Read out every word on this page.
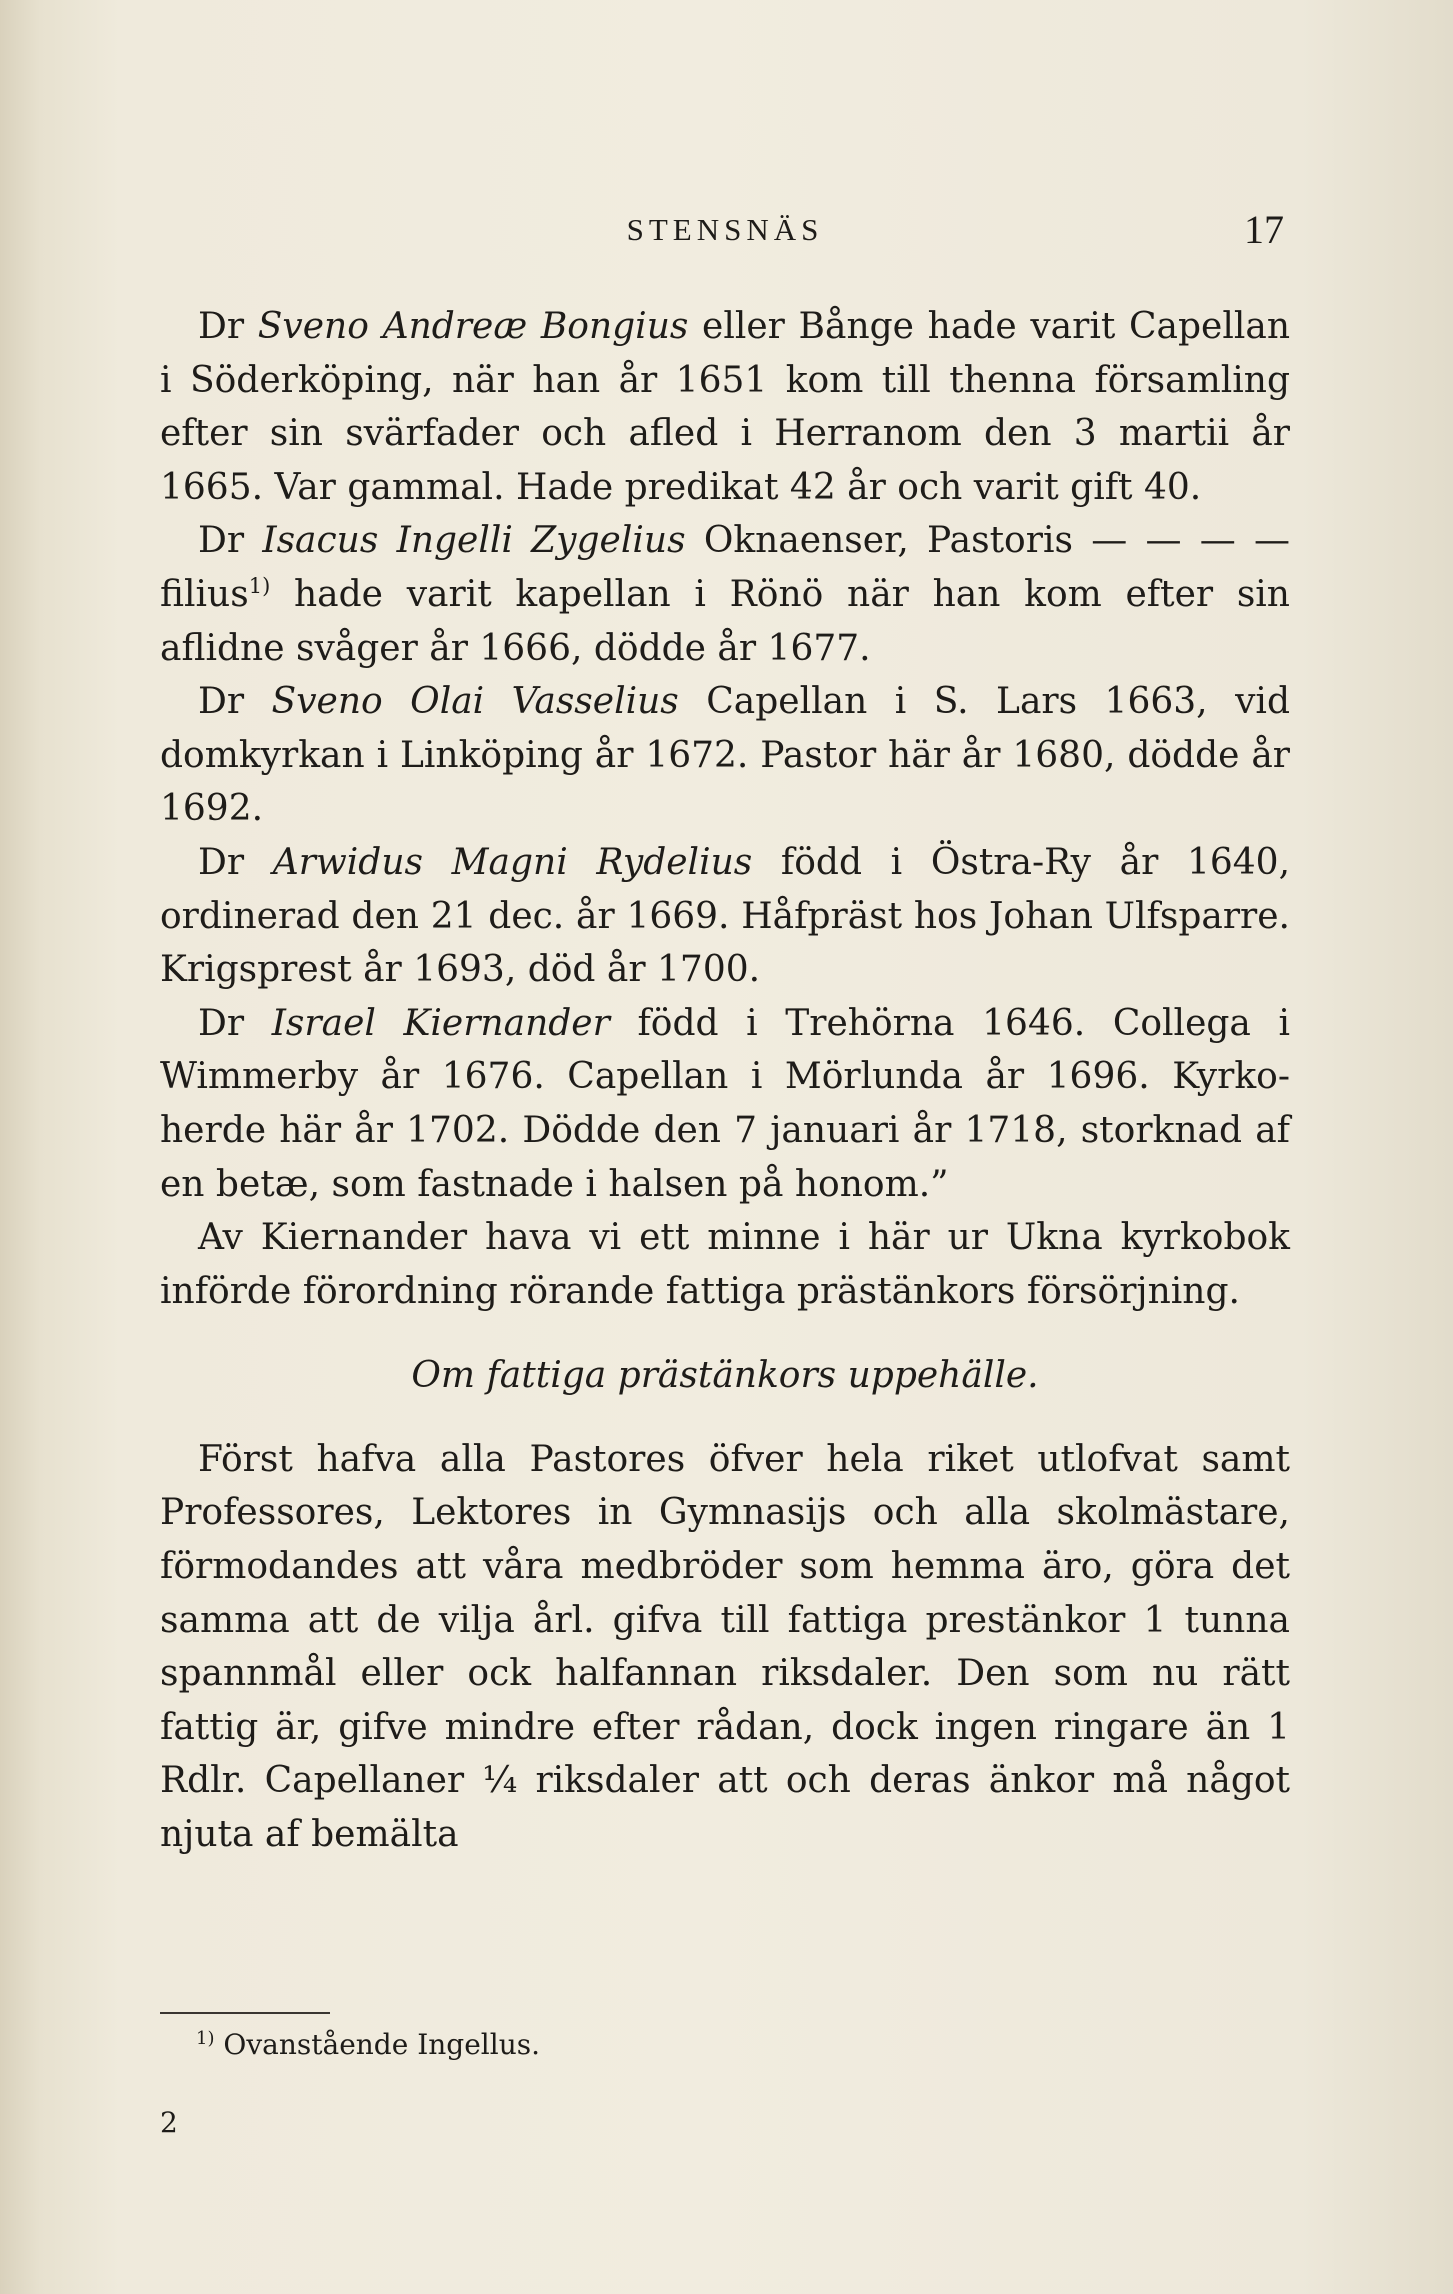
STENSNÄS	17

Dr Sveno Andreæ Bongius eller Bånge hade varit Capellan i Söderköping, när han år 1651 kom till thenna församling efter sin svärfader och afled i Herranom den 3 martii år 1665. Var gammal. Hade predikat 42 år och varit gift 40.

Dr Isacus Ingelli Zygelius Oknaenser, Pastoris — — — — filius$^{1)}$ hade varit kapellan i Rönö när han kom efter sin aflidne svåger år 1666, dödde år 1677.

Dr Sveno Olai Vasselius Capellan i S. Lars 1663, vid domkyrkan i Linköping år 1672. Pastor här år 1680, dödde år 1692.

Dr Arwidus Magni Rydelius född i Östra-Ry år 1640, ordinerad den 21 dec. år 1669. Håfpräst hos Johan Ulfsparre. Krigsprest år 1693, död år 1700.

Dr Israel Kiernander född i Trehörna 1646. Collega i Wimmerby år 1676. Capellan i Mörlunda år 1696. Kyrkoherde här år 1702. Dödde den 7 januari år 1718, storknad af en betæ, som fastnade i halsen på honom.”

Av Kiernander hava vi ett minne i här ur Ukna kyrkobok införde förordning rörande fattiga prästänkors försörjning.

Om fattiga prästänkors uppehälle.

Först hafva alla Pastores öfver hela riket utlofvat samt Professores, Lektores in Gymnasijs och alla skolmästare, förmodandes att våra medbröder som hemma äro, göra det samma att de vilja årl. gifva till fattiga prestänkor 1 tunna spannmål eller ock halfannan riksdaler. Den som nu rätt fattig är, gifve mindre efter rådan, dock ingen ringare än 1 Rdlr. Capellaner ¼ riksdaler att och deras änkor må något njuta af bemälta

$^{1)}$ Ovanstående Ingellus.
2
